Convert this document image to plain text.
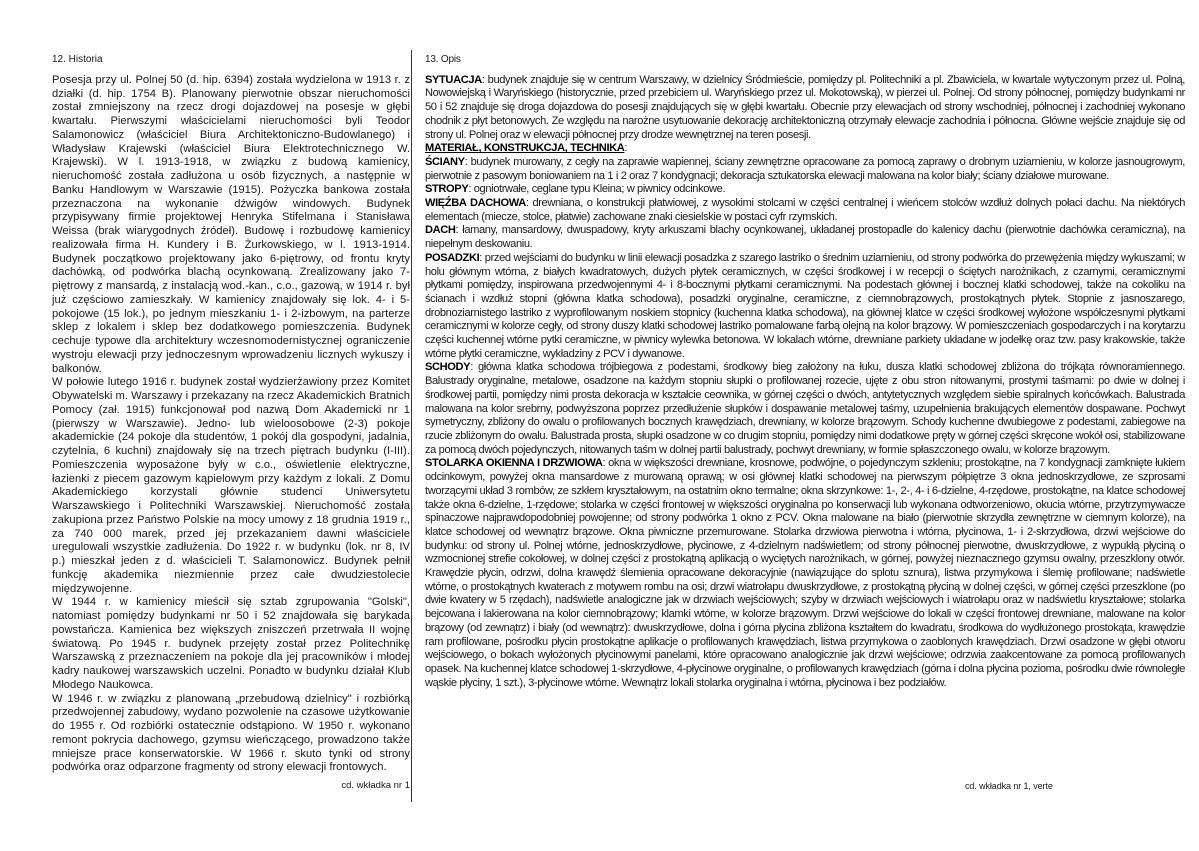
12. Historia

Posesja przy ul. Polnej 50 (d. hip. 6394) została wydzielona w 1913 r. z działki (d. hip. 1754 B). Planowany pierwotnie obszar nieruchomości został zmniejszony na rzecz drogi dojazdowej na posesje w głębi kwartału. Pierwszymi właścicielami nieruchomości byli Teodor Salamonowicz (właściciel Biura Architektoniczno-Budowlanego) i Władysław Krajewski (właściciel Biura Elektrotechnicznego W. Krajewski). W l. 1913-1918, w związku z budową kamienicy, nieruchomość została zadłużona u osób fizycznych, a następnie w Banku Handlowym w Warszawie (1915). Pożyczka bankowa została przeznaczona na wykonanie dźwigów windowych. Budynek przypisywany firmie projektowej Henryka Stifelmana i Stanisława Weissa (brak wiarygodnych źródeł). Budowę i rozbudowę kamienicy realizowała firma H. Kundery i B. Żurkowskiego, w l. 1913-1914. Budynek początkowo projektowany jako 6-piętrowy, od frontu kryty dachówką, od podwórka blachą ocynkowaną. Zrealizowany jako 7-piętrowy z mansardą, z instalacją wod.-kan., c.o., gazową, w 1914 r. był już częściowo zamieszkały. W kamienicy znajdowały się lok. 4- i 5-pokojowe (15 lok.), po jednym mieszkaniu 1- i 2-izbowym, na parterze sklep z lokalem i sklep bez dodatkowego pomieszczenia. Budynek cechuje typowe dla architektury wczesnomodernistycznej ograniczenie wystroju elewacji przy jednoczesnym wprowadzeniu licznych wykuszy i balkonów.

W połowie lutego 1916 r. budynek został wydzierżawiony przez Komitet Obywatelski m. Warszawy i przekazany na rzecz Akademickich Bratnich Pomocy (zał. 1915) funkcjonował pod nazwą Dom Akademicki nr 1 (pierwszy w Warszawie). Jedno- lub wieloosobowe (2-3) pokoje akademickie (24 pokoje dla studentów, 1 pokój dla gospodyni, jadalnia, czytelnia, 6 kuchni) znajdowały się na trzech piętrach budynku (I-III). Pomieszczenia wyposażone były w c.o., oświetlenie elektryczne, łazienki z piecem gazowym kąpielowym przy każdym z lokali. Z Domu Akademickiego korzystali głównie studenci Uniwersytetu Warszawskiego i Politechniki Warszawskiej. Nieruchomość została zakupiona przez Państwo Polskie na mocy umowy z 18 grudnia 1919 r., za 740 000 marek, przed jej przekazaniem dawni właściciele uregulowali wszystkie zadłużenia. Do 1922 r. w budynku (lok. nr 8, IV p.) mieszkał jeden z d. właścicieli T. Salamonowicz. Budynek pełnił funkcję akademika niezmiennie przez całe dwudziestolecie międzywojenne.

W 1944 r. w kamienicy mieścił się sztab zgrupowania "Golski", natomiast pomiędzy budynkami nr 50 i 52 znajdowała się barykada powstańcza. Kamienica bez większych zniszczeń przetrwała II wojnę światową. Po 1945 r. budynek przejęty został przez Politechnikę Warszawską z przeznaczeniem na pokoje dla jej pracowników i młodej kadry naukowej warszawskich uczelni. Ponadto w budynku działał Klub Młodego Naukowca.

W 1946 r. w związku z planowaną „przebudową dzielnicy" i rozbiórką przedwojennej zabudowy, wydano pozwolenie na czasowe użytkowanie do 1955 r. Od rozbiórki ostatecznie odstąpiono. W 1950 r. wykonano remont pokrycia dachowego, gzymsu wieńczącego, prowadzono także mniejsze prace konserwatorskie. W 1966 r. skuto tynki od strony podwórka oraz odparzone fragmenty od strony elewacji frontowych.

cd. wkładka nr 1
13. Opis

SYTUACJA: budynek znajduje się w centrum Warszawy, w dzielnicy Śródmieście, pomiędzy pl. Politechniki a pl. Zbawiciela, w kwartale wytyczonym przez ul. Polną, Nowowiejską i Waryńskiego (historycznie, przed przebiciem ul. Waryńskiego przez ul. Mokotowską), w pierzei ul. Polnej. Od strony północnej, pomiędzy budynkami nr 50 i 52 znajduje się droga dojazdowa do posesji znajdujących się w głębi kwartału. Obecnie przy elewacjach od strony wschodniej, północnej i zachodniej wykonano chodnik z płyt betonowych. Ze względu na narożne usytuowanie dekorację architektoniczną otrzymały elewacje zachodnia i północna. Główne wejście znajduje się od strony ul. Polnej oraz w elewacji północnej przy drodze wewnętrznej na teren posesji.

MATERIAŁ, KONSTRUKCJA, TECHNIKA:

ŚCIANY: budynek murowany, z cegły na zaprawie wapiennej, ściany zewnętrzne opracowane za pomocą zaprawy o drobnym uziarnieniu, w kolorze jasnougrowym, pierwotnie z pasowym boniowaniem na 1 i 2 oraz 7 kondygnacji; dekoracja sztukatorska elewacji malowana na kolor biały; ściany działowe murowane.

STROPY: ogniotrwałe, ceglane typu Kleina; w piwnicy odcinkowe.

WIĘŹBA DACHOWA: drewniana, o konstrukcji płatwiowej, z wysokimi stolcami w części centralnej i wieńcem stolców wzdłuż dolnych połaci dachu. Na niektórych elementach (miecze, stolce, płatwie) zachowane znaki ciesielskie w postaci cyfr rzymskich.

DACH: łamany, mansardowy, dwuspadowy, kryty arkuszami blachy ocynkowanej, układanej prostopadle do kalenicy dachu (pierwotnie dachówka ceramiczna), na niepełnym deskowaniu.

POSADZKI: przed wejściami do budynku w linii elewacji posadzka z szarego lastriko o średnim uziarnieniu, od strony podwórka do przewężenia między wykuszami; w holu głównym wtórna, z białych kwadratowych, dużych płytek ceramicznych, w części środkowej i w recepcji o ściętych narożnikach, z czarnymi, ceramicznymi płytkami pomiędzy, inspirowana przedwojennymi 4- i 8-bocznymi płytkami ceramicznymi. Na podestach głównej i bocznej klatki schodowej, także na cokoliku na ścianach i wzdłuż stopni (główna klatka schodowa), posadzki oryginalne, ceramiczne, z ciemnobrązowych, prostokątnych płytek. Stopnie z jasnoszarego, drobnoziarnistego lastriko z wyprofilowanym noskiem stopnicy (kuchenna klatka schodowa), na głównej klatce w części środkowej wyłożone współczesnymi płytkami ceramicznymi w kolorze cegły, od strony duszy klatki schodowej lastriko pomalowane farbą olejną na kolor brązowy. W pomieszczeniach gospodarczych i na korytarzu części kuchennej wtórne pytki ceramiczne, w piwnicy wylewka betonowa. W lokalach wtórne, drewniane parkiety układane w jodełkę oraz tzw. pasy krakowskie, także wtórne płytki ceramiczne, wykładziny z PCV i dywanowe.

SCHODY: główna klatka schodowa trójbiegowa z podestami, środkowy bieg założony na łuku, dusza klatki schodowej zbliżona do trójkąta równoramiennego. Balustrady oryginalne, metalowe, osadzone na każdym stopniu słupki o profilowanej rozecie, ujęte z obu stron nitowanymi, prostymi taśmami: po dwie w dolnej i środkowej partii, pomiędzy nimi prosta dekoracja w kształcie ceownika, w górnej części o dwóch, antytetycznych względem siebie spiralnych końcówkach. Balustrada malowana na kolor srebrny, podwyższona poprzez przedłużenie słupków i dospawanie metalowej taśmy, uzupełnienia brakujących elementów dospawane. Pochwyt symetryczny, zbliżony do owalu o profilowanych bocznych krawędziach, drewniany, w kolorze brązowym. Schody kuchenne dwubiegowe z podestami, zabiegowe na rzucie zbliżonym do owalu. Balustrada prosta, słupki osadzone w co drugim stopniu, pomiędzy nimi dodatkowe pręty w górnej części skręcone wokół osi, stabilizowane za pomocą dwóch pojedynczych, nitowanych taśm w dolnej partii balustrady, pochwyt drewniany, w formie spłaszczonego owalu, w kolorze brązowym.

STOLARKA OKIENNA I DRZWIOWA: okna w większości drewniane, krosnowe, podwójne, o pojedynczym szkleniu; prostokątne, na 7 kondygnacji zamknięte łukiem odcinkowym, powyżej okna mansardowe z murowaną oprawą; w osi głównej klatki schodowej na pierwszym półpiętrze 3 okna jednoskrzydłowe, ze szprosami tworzącymi układ 3 rombów, ze szkłem kryształowym, na ostatnim okno termalne; okna skrzynkowe: 1-, 2-, 4- i 6-dzielne, 4-rzędowe, prostokątne, na klatce schodowej także okna 6-dzielne, 1-rzędowe; stolarka w części frontowej w większości oryginalna po konserwacji lub wykonana odtworzeniowo, okucia wtórne, przytrzymywacze spinaczowe najprawdopodobniej powojenne; od strony podwórka 1 okno z PCV. Okna malowane na biało (pierwotnie skrzydła zewnętrzne w ciemnym kolorze), na klatce schodowej od wewnątrz brązowe. Okna piwniczne przemurowane. Stolarka drzwiowa pierwotna i wtórna, płycinowa, 1- i 2-skrzydłowa, drzwi wejściowe do budynku: od strony ul. Polnej wtórne, jednoskrzydłowe, płycinowe, z 4-dzielnym nadświetlem; od strony północnej pierwotne, dwuskrzydłowe, z wypukłą płyciną o wzmocnionej strefie cokołowej, w dolnej części z prostokątną aplikacją o wyciętych narożnikach, w górnej, powyżej nieznacznego gzymsu owalny, przeszklony otwór. Krawędzie płycin, odrzwi, dolna krawędź ślemienia opracowane dekoracyjnie (nawiązujące do splotu sznura), listwa przymykowa i ślemię profilowane; nadświetle wtórne, o prostokątnych kwaterach z motywem rombu na osi; drzwi wiatrołapu dwuskrzydłowe, z prostokątną płyciną w dolnej części, w górnej części przeszklone (po dwie kwatery w 5 rzędach), nadświetle analogiczne jak w drzwiach wejściowych; szyby w drzwiach wejściowych i wiatrołapu oraz w nadświetlu kryształowe; stolarka bejcowana i lakierowana na kolor ciemnobrązowy; klamki wtórne, w kolorze brązowym. Drzwi wejściowe do lokali w części frontowej drewniane, malowane na kolor brązowy (od zewnątrz) i biały (od wewnątrz): dwuskrzydłowe, dolna i górna płycina zbliżona kształtem do kwadratu, środkowa do wydłużonego prostokąta, krawędzie ram profilowane, pośrodku płycin prostokątne aplikacje o profilowanych krawędziach, listwa przymykowa o zaoblonych krawędziach. Drzwi osadzone w głębi otworu wejściowego, o bokach wyłożonych płycinowymi panelami, które opracowano analogicznie jak drzwi wejściowe; odrzwia zaakcentowane za pomocą profilowanych opasek. Na kuchennej klatce schodowej 1-skrzydłowe, 4-płycinowe oryginalne, o profilowanych krawędziach (górna i dolna płycina pozioma, pośrodku dwie równoległe wąskie płyciny, 1 szt.), 3-płycinowe wtórne. Wewnątrz lokali stolarka oryginalna i wtórna, płycinowa i bez podziałów.

cd. wkładka nr 1, verte
